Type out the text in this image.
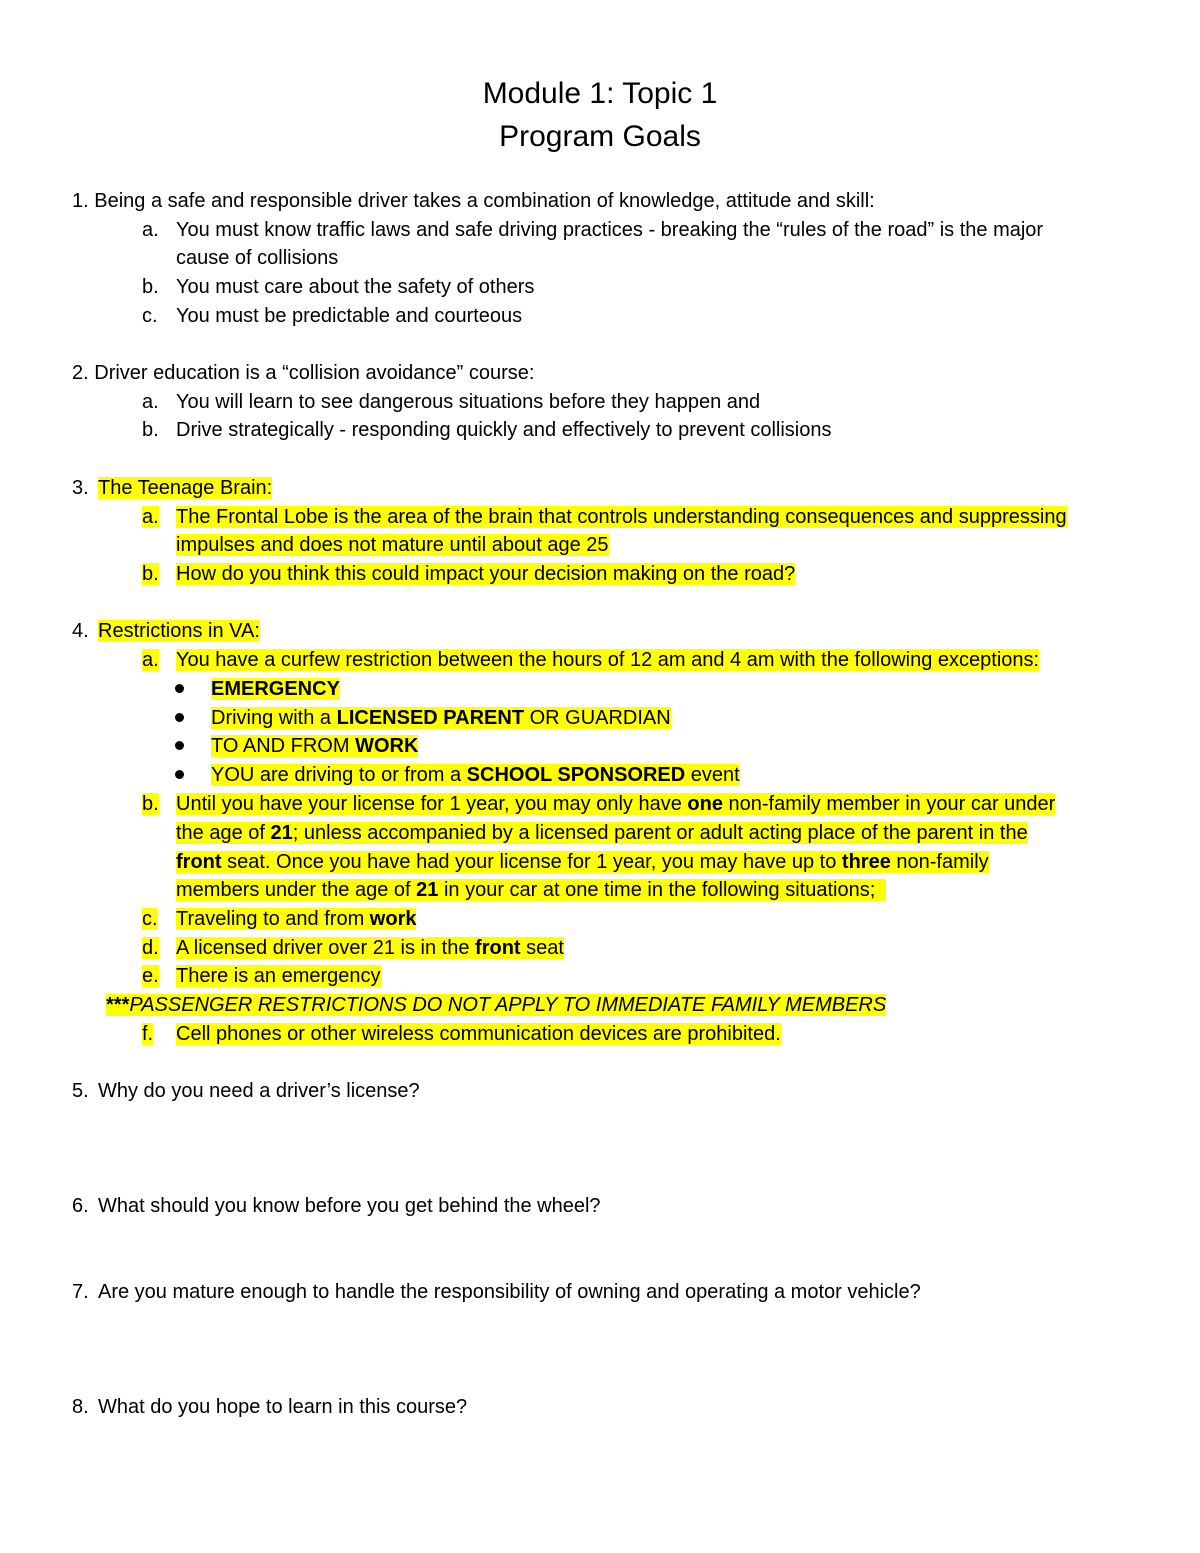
Module 1: Topic 1
Program Goals
1. Being a safe and responsible driver takes a combination of knowledge, attitude and skill:
a. You must know traffic laws and safe driving practices - breaking the “rules of the road” is the major
cause of collisions
b. You must care about the safety of others
c. You must be predictable and courteous
2. Driver education is a “collision avoidance” course:
a. You will learn to see dangerous situations before they happen and
b. Drive strategically - responding quickly and effectively to prevent collisions
3. The Teenage Brain:
a. The Frontal Lobe is the area of the brain that controls understanding consequences and suppressing
impulses and does not mature until about age 25
b. How do you think this could impact your decision making on the road?
4. Restrictions in VA:
a. You have a curfew restriction between the hours of 12 am and 4 am with the following exceptions:
EMERGENCY
Driving with a LICENSED PARENT OR GUARDIAN
TO AND FROM WORK
YOU are driving to or from a SCHOOL SPONSORED event
b. Until you have your license for 1 year, you may only have one non-family member in your car under
the age of 21; unless accompanied by a licensed parent or adult acting place of the parent in the
front seat. Once you have had your license for 1 year, you may have up to three non-family
members under the age of 21 in your car at one time in the following situations;
c. Traveling to and from work
d. A licensed driver over 21 is in the front seat
e. There is an emergency
***PASSENGER RESTRICTIONS DO NOT APPLY TO IMMEDIATE FAMILY MEMBERS
f. Cell phones or other wireless communication devices are prohibited.
5. Why do you need a driver’s license?
6. What should you know before you get behind the wheel?
7. Are you mature enough to handle the responsibility of owning and operating a motor vehicle?
8. What do you hope to learn in this course?
